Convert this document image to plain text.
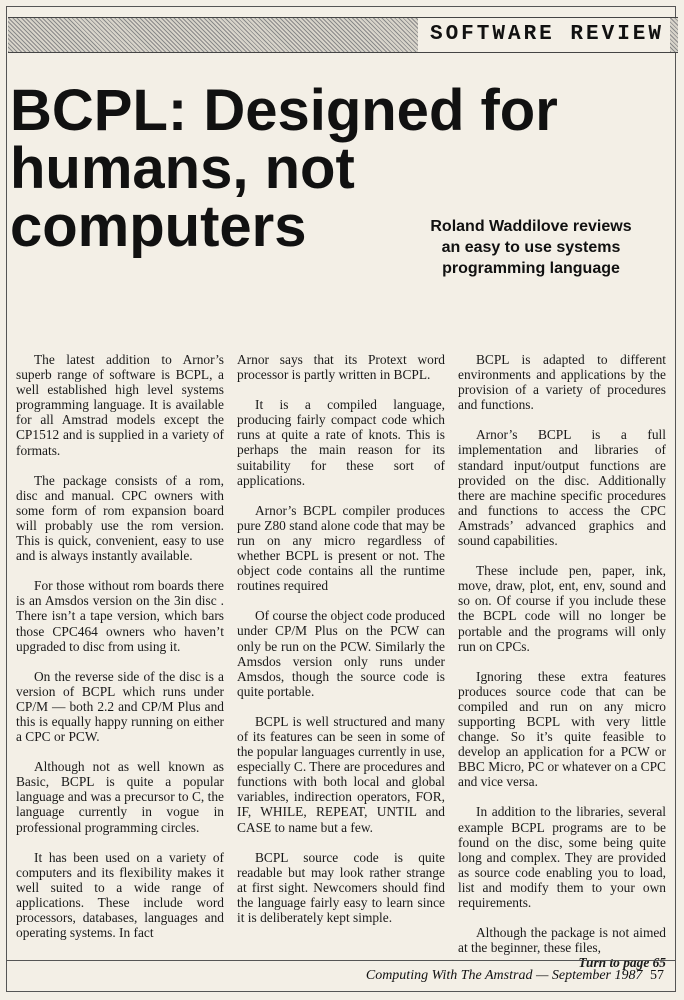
SOFTWARE REVIEW
BCPL: Designed for
humans, not
computers	Roland Waddilove reviews
an easy to use systems
programming language

The latest addition to Arnor’s superb range of software is BCPL, a well established high level systems programming language. It is available for all Amstrad models except the CP1512 and is supplied in a variety of formats.

The package consists of a rom, disc and manual. CPC owners with some form of rom expansion board will probably use the rom version. This is quick, convenient, easy to use and is always instantly available.

For those without rom boards there is an Amsdos version on the 3in disc . There isn’t a tape version, which bars those CPC464 owners who haven’t upgraded to disc from using it.

On the reverse side of the disc is a version of BCPL which runs under CP/M — both 2.2 and CP/M Plus and this is equally happy running on either a CPC or PCW.

Although not as well known as Basic, BCPL is quite a popular language and was a precursor to C, the language currently in vogue in professional programming circles.

It has been used on a variety of computers and its flexibility makes it well suited to a wide range of applications. These include word processors, databases, languages and operating systems. In fact

Arnor says that its Protext word processor is partly written in BCPL.

It is a compiled language, producing fairly compact code which runs at quite a rate of knots. This is perhaps the main reason for its suitability for these sort of applications.

Arnor’s BCPL compiler produces pure Z80 stand alone code that may be run on any micro regardless of whether BCPL is present or not. The object code contains all the runtime routines required

Of course the object code produced under CP/M Plus on the PCW can only be run on the PCW. Similarly the Amsdos version only runs under Amsdos, though the source code is quite portable.

BCPL is well structured and many of its features can be seen in some of the popular languages currently in use, especially C. There are procedures and functions with both local and global variables, indirection operators, FOR, IF, WHILE, REPEAT, UNTIL and CASE to name but a few.

BCPL source code is quite readable but may look rather strange at first sight. Newcomers should find the language fairly easy to learn since it is deliberately kept simple.

BCPL is adapted to different environments and applications by the provision of a variety of procedures and functions.

Arnor’s BCPL is a full implementation and libraries of standard input/output functions are provided on the disc. Additionally there are machine specific procedures and functions to access the CPC Amstrads’ advanced graphics and sound capabilities.

These include pen, paper, ink, move, draw, plot, ent, env, sound and so on. Of course if you include these the BCPL code will no longer be portable and the programs will only run on CPCs.

Ignoring these extra features produces source code that can be compiled and run on any micro supporting BCPL with very little change. So it’s quite feasible to develop an application for a PCW or BBC Micro, PC or whatever on a CPC and vice versa.

In addition to the libraries, several example BCPL programs are to be found on the disc, some being quite long and complex. They are provided as source code enabling you to load, list and modify them to your own requirements.

Although the package is not aimed at the beginner, these files,

Turn to page 65
Computing With The Amstrad — September 1987 57
